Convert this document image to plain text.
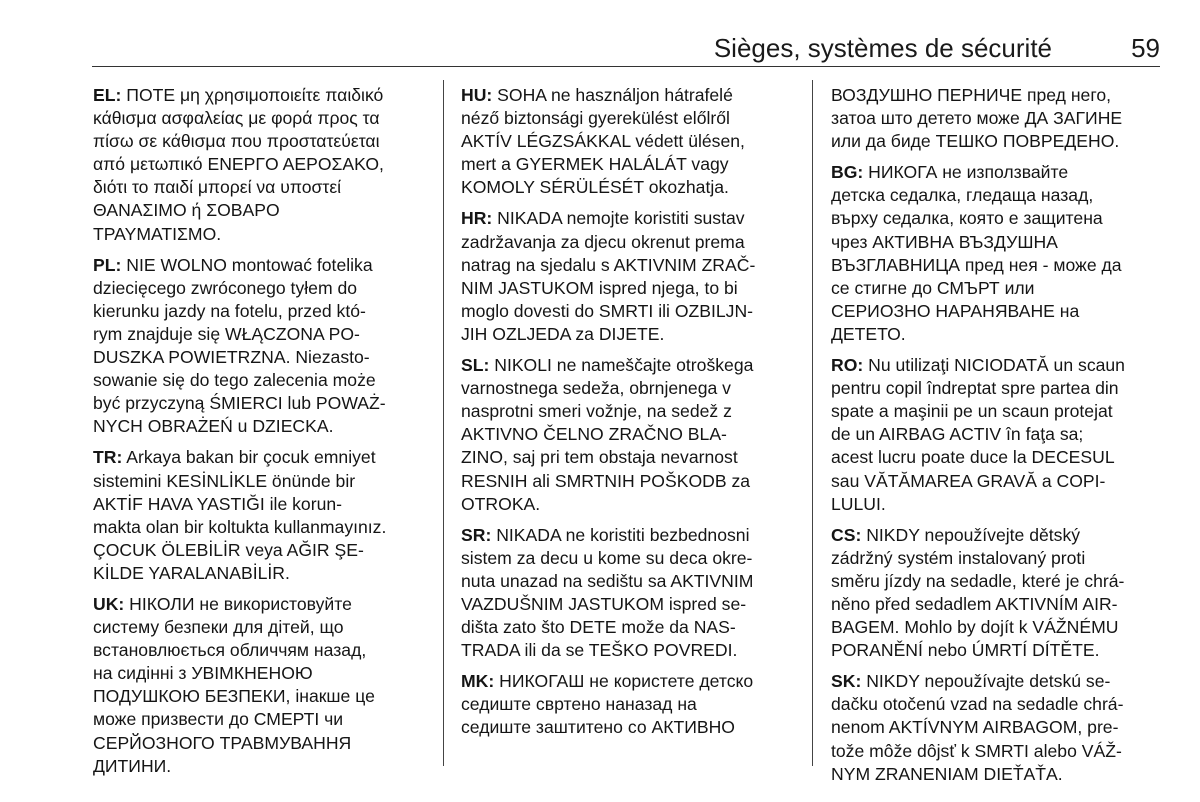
Sièges, systèmes de sécurité	59
EL: ΠΟΤΕ μη χρησιμοποιείτε παιδικό
κάθισμα ασφαλείας με φορά προς τα
πίσω σε κάθισμα που προστατεύεται
από μετωπικό ΕΝΕΡΓΟ ΑΕΡΟΣΑΚΟ,
διότι το παιδί μπορεί να υποστεί
ΘΑΝΑΣΙΜΟ ή ΣΟΒΑΡΟ
ΤΡΑΥΜΑΤΙΣΜΟ.
PL: NIE WOLNO montować fotelika
dziecięcego zwróconego tyłem do
kierunku jazdy na fotelu, przed któ‐
rym znajduje się WŁĄCZONA PO‐
DUSZKA POWIETRZNA. Niezasto‐
sowanie się do tego zalecenia może
być przyczyną ŚMIERCI lub POWAŻ‐
NYCH OBRAŻEŃ u DZIECKA.
TR: Arkaya bakan bir çocuk emniyet
sistemini KESİNLİKLE önünde bir
AKTİF HAVA YASTIĞI ile korun‐
makta olan bir koltukta kullanmayınız.
ÇOCUK ÖLEBİLİR veya AĞIR ŞE‐
KİLDE YARALANABİLİR.
UK: НІКОЛИ не використовуйте
систему безпеки для дітей, що
встановлюється обличчям назад,
на сидінні з УВІМКНЕНОЮ
ПОДУШКОЮ БЕЗПЕКИ, інакше це
може призвести до СМЕРТІ чи
СЕРЙОЗНОГО ТРАВМУВАННЯ
ДИТИНИ.
HU: SOHA ne használjon hátrafelé
néző biztonsági gyerekülést előlről
AKTÍV LÉGZSÁKKAL védett ülésen,
mert a GYERMEK HALÁLÁT vagy
KOMOLY SÉRÜLÉSÉT okozhatja.
HR: NIKADA nemojte koristiti sustav
zadržavanja za djecu okrenut prema
natrag na sjedalu s AKTIVNIM ZRAČ‐
NIM JASTUKOM ispred njega, to bi
moglo dovesti do SMRTI ili OZBILJN‐
JIH OZLJEDA za DIJETE.
SL: NIKOLI ne nameščajte otroškega
varnostnega sedeža, obrnjenega v
nasprotni smeri vožnje, na sedež z
AKTIVNO ČELNO ZRAČNO BLA‐
ZINO, saj pri tem obstaja nevarnost
RESNIH ali SMRTNIH POŠKODB za
OTROKA.
SR: NIKADA ne koristiti bezbednosni
sistem za decu u kome su deca okre‐
nuta unazad na sedištu sa AKTIVNIM
VAZDUŠNIM JASTUKOM ispred se‐
dišta zato što DETE može da NAS‐
TRADA ili da se TEŠKO POVREDI.
MK: НИКОГАШ не користете детско
седиште свртено наназад на
седиште заштитено со АКТИВНО
ВОЗДУШНО ПЕРНИЧЕ пред него,
затоа што детето може ДА ЗАГИНЕ
или да биде ТЕШКО ПОВРЕДЕНО.
BG: НИКОГА не използвайте
детска седалка, гледаща назад,
върху седалка, която е защитена
чрез АКТИВНА ВЪЗДУШНА
ВЪЗГЛАВНИЦА пред нея - може да
се стигне до СМЪРТ или
СЕРИОЗНО НАРАНЯВАНЕ на
ДЕТЕТО.
RO: Nu utilizaţi NICIODATĂ un scaun
pentru copil îndreptat spre partea din
spate a maşinii pe un scaun protejat
de un AIRBAG ACTIV în faţa sa;
acest lucru poate duce la DECESUL
sau VĂTĂMAREA GRAVĂ a COPI‐
LULUI.
CS: NIKDY nepoužívejte dětský
zádržný systém instalovaný proti
směru jízdy na sedadle, které je chrá‐
něno před sedadlem AKTIVNÍM AIR‐
BAGEM. Mohlo by dojít k VÁŽNÉMU
PORANĚNÍ nebo ÚMRTÍ DÍTĚTE.
SK: NIKDY nepoužívajte detskú se‐
dačku otočenú vzad na sedadle chrá‐
nenom AKTÍVNYM AIRBAGOM, pre‐
tože môže dôjsť k SMRTI alebo VÁŽ‐
NYM ZRANENIAM DIEŤAŤA.
